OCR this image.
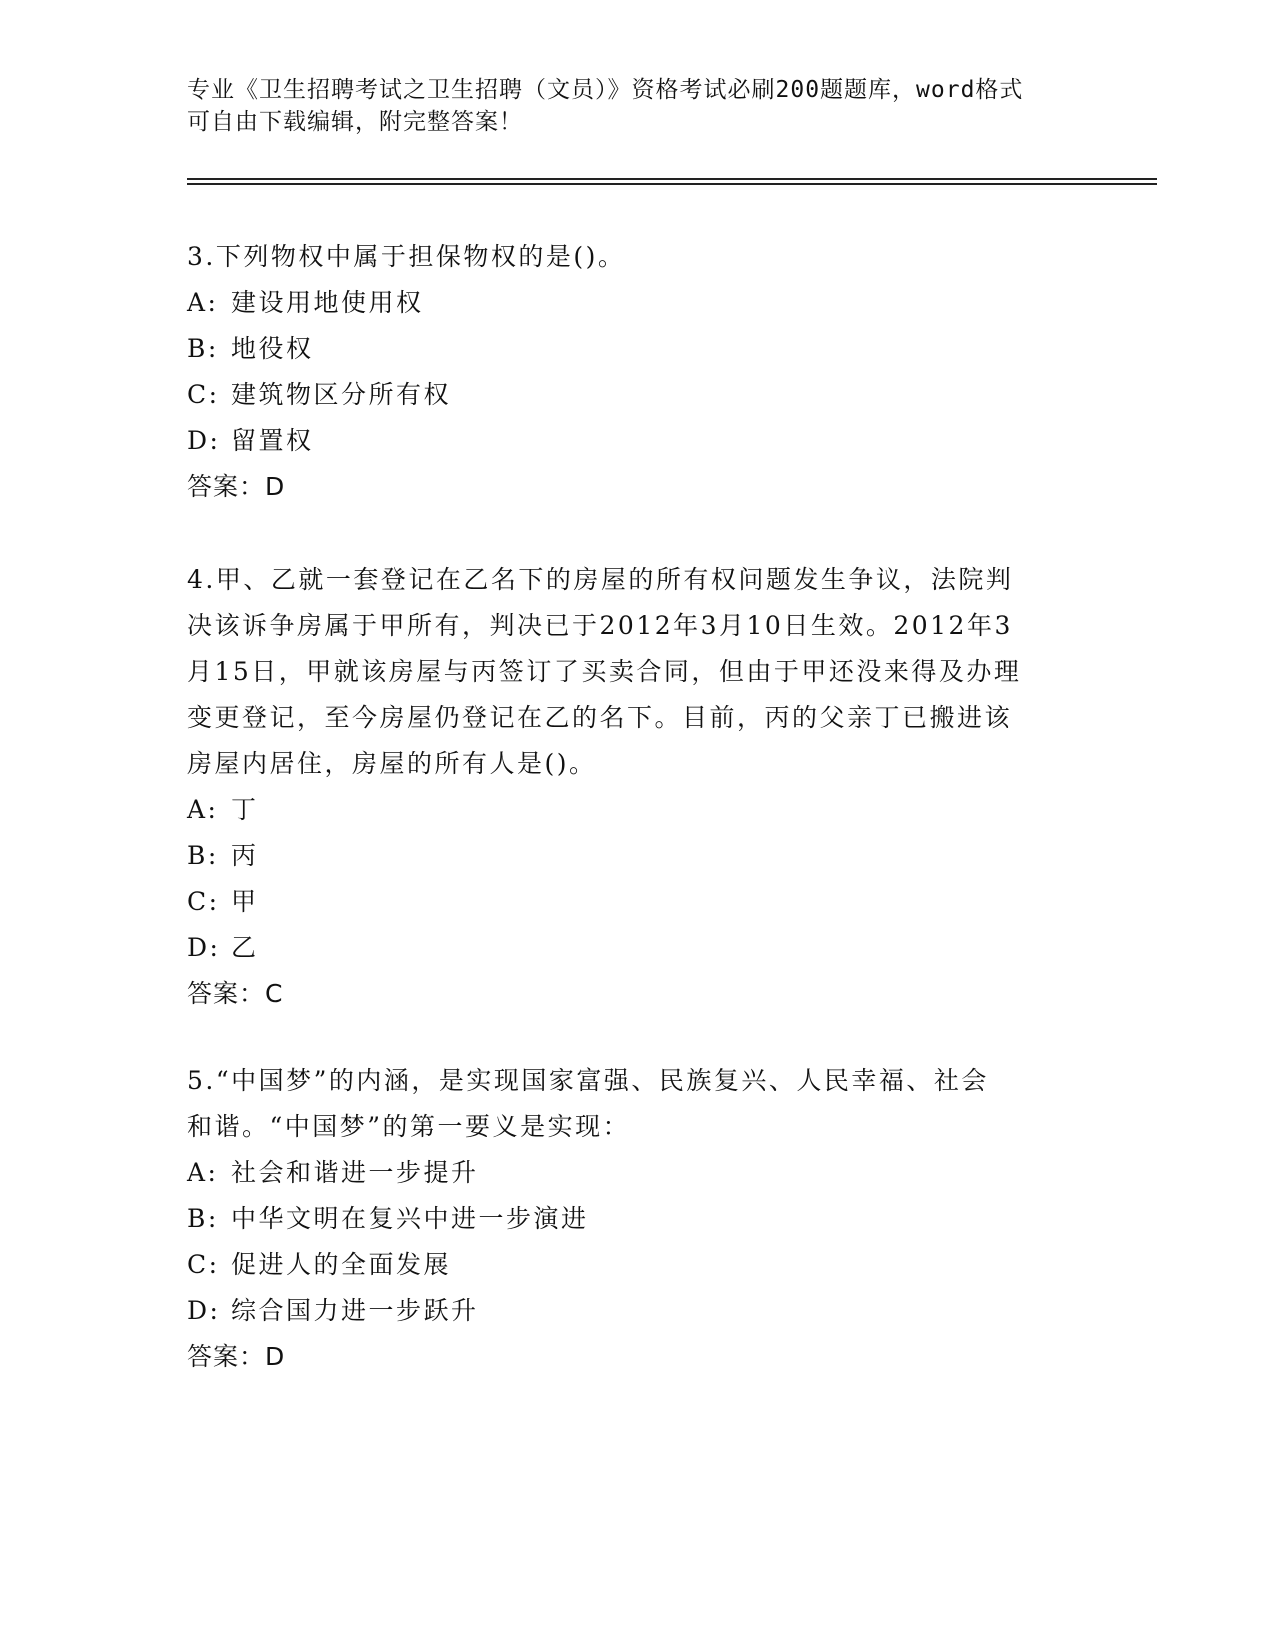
专业《卫生招聘考试之卫生招聘（文员）》资格考试必刷200题题库，word格式
可自由下载编辑，附完整答案！
3.下列物权中属于担保物权的是()。
A: 建设用地使用权
B: 地役权
C: 建筑物区分所有权
D: 留置权
答案：D
4.甲、乙就一套登记在乙名下的房屋的所有权问题发生争议，法院判
决该诉争房属于甲所有，判决已于2012年3月10日生效。2012年3
月15日，甲就该房屋与丙签订了买卖合同，但由于甲还没来得及办理
变更登记，至今房屋仍登记在乙的名下。目前，丙的父亲丁已搬进该
房屋内居住，房屋的所有人是()。
A: 丁
B: 丙
C: 甲
D: 乙
答案：C
5.“中国梦”的内涵，是实现国家富强、民族复兴、人民幸福、社会
和谐。“中国梦”的第一要义是实现：
A: 社会和谐进一步提升
B: 中华文明在复兴中进一步演进
C: 促进人的全面发展
D: 综合国力进一步跃升
答案：D
